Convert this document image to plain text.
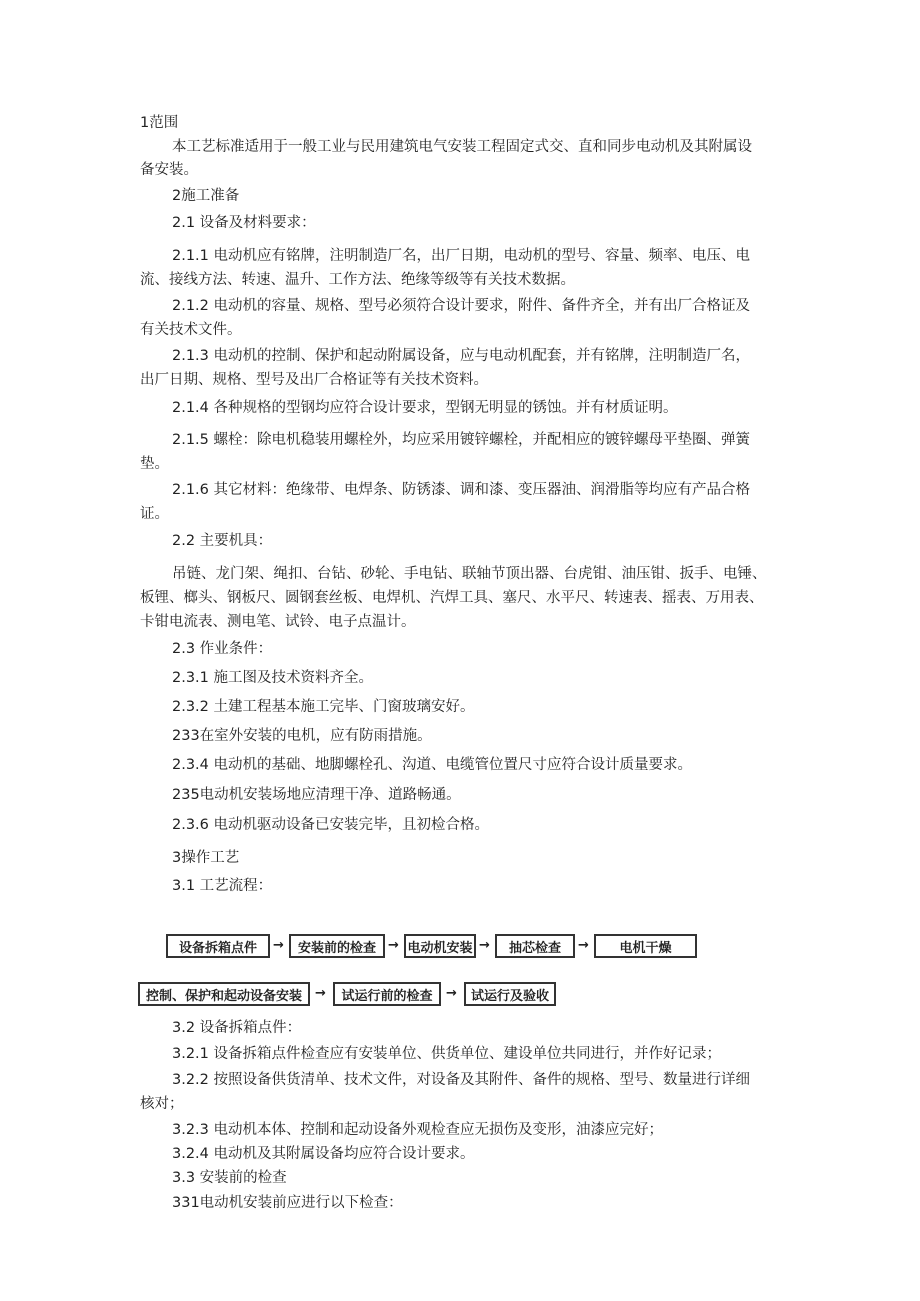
1范围
本工艺标准适用于一般工业与民用建筑电气安装工程固定式交、直和同步电动机及其附属设
备安装。
2施工准备
2.1 设备及材料要求：
2.1.1 电动机应有铭牌，注明制造厂名，出厂日期，电动机的型号、容量、频率、电压、电
流、接线方法、转速、温升、工作方法、绝缘等级等有关技术数据。
2.1.2 电动机的容量、规格、型号必须符合设计要求，附件、备件齐全，并有出厂合格证及
有关技术文件。
2.1.3 电动机的控制、保护和起动附属设备，应与电动机配套，并有铭牌，注明制造厂名，
出厂日期、规格、型号及出厂合格证等有关技术资料。
2.1.4 各种规格的型钢均应符合设计要求，型钢无明显的锈蚀。并有材质证明。
2.1.5 螺栓：除电机稳装用螺栓外，均应采用镀锌螺栓，并配相应的镀锌螺母平垫圈、弹簧
垫。
2.1.6 其它材料：绝缘带、电焊条、防锈漆、调和漆、变压器油、润滑脂等均应有产品合格
证。
2.2 主要机具：
吊链、龙门架、绳扣、台钻、砂轮、手电钻、联轴节顶出器、台虎钳、油压钳、扳手、电锤、
板锂、榔头、钢板尺、圆钢套丝板、电焊机、汽焊工具、塞尺、水平尺、转速表、摇表、万用表、
卡钳电流表、测电笔、试铃、电子点温计。
2.3 作业条件：
2.3.1 施工图及技术资料齐全。
2.3.2 土建工程基本施工完毕、门窗玻璃安好。
233在室外安装的电机，应有防雨措施。
2.3.4 电动机的基础、地脚螺栓孔、沟道、电缆管位置尺寸应符合设计质量要求。
235电动机安装场地应清理干净、道路畅通。
2.3.6 电动机驱动设备已安装完毕，且初检合格。
3操作工艺
3.1 工艺流程：
设备拆箱点件	→	安装前的检查 → 电动机安装 →	抽芯检查	→	电机干燥
控制、保护和起动设备安装	→	试运行前的检查	→	试运行及验收
3.2 设备拆箱点件：
3.2.1 设备拆箱点件检查应有安装单位、供货单位、建设单位共同进行，并作好记录；
3.2.2 按照设备供货清单、技术文件，对设备及其附件、备件的规格、型号、数量进行详细
核对；
3.2.3 电动机本体、控制和起动设备外观检查应无损伤及变形，油漆应完好；
3.2.4 电动机及其附属设备均应符合设计要求。
3.3 安装前的检查
331电动机安装前应进行以下检查：
